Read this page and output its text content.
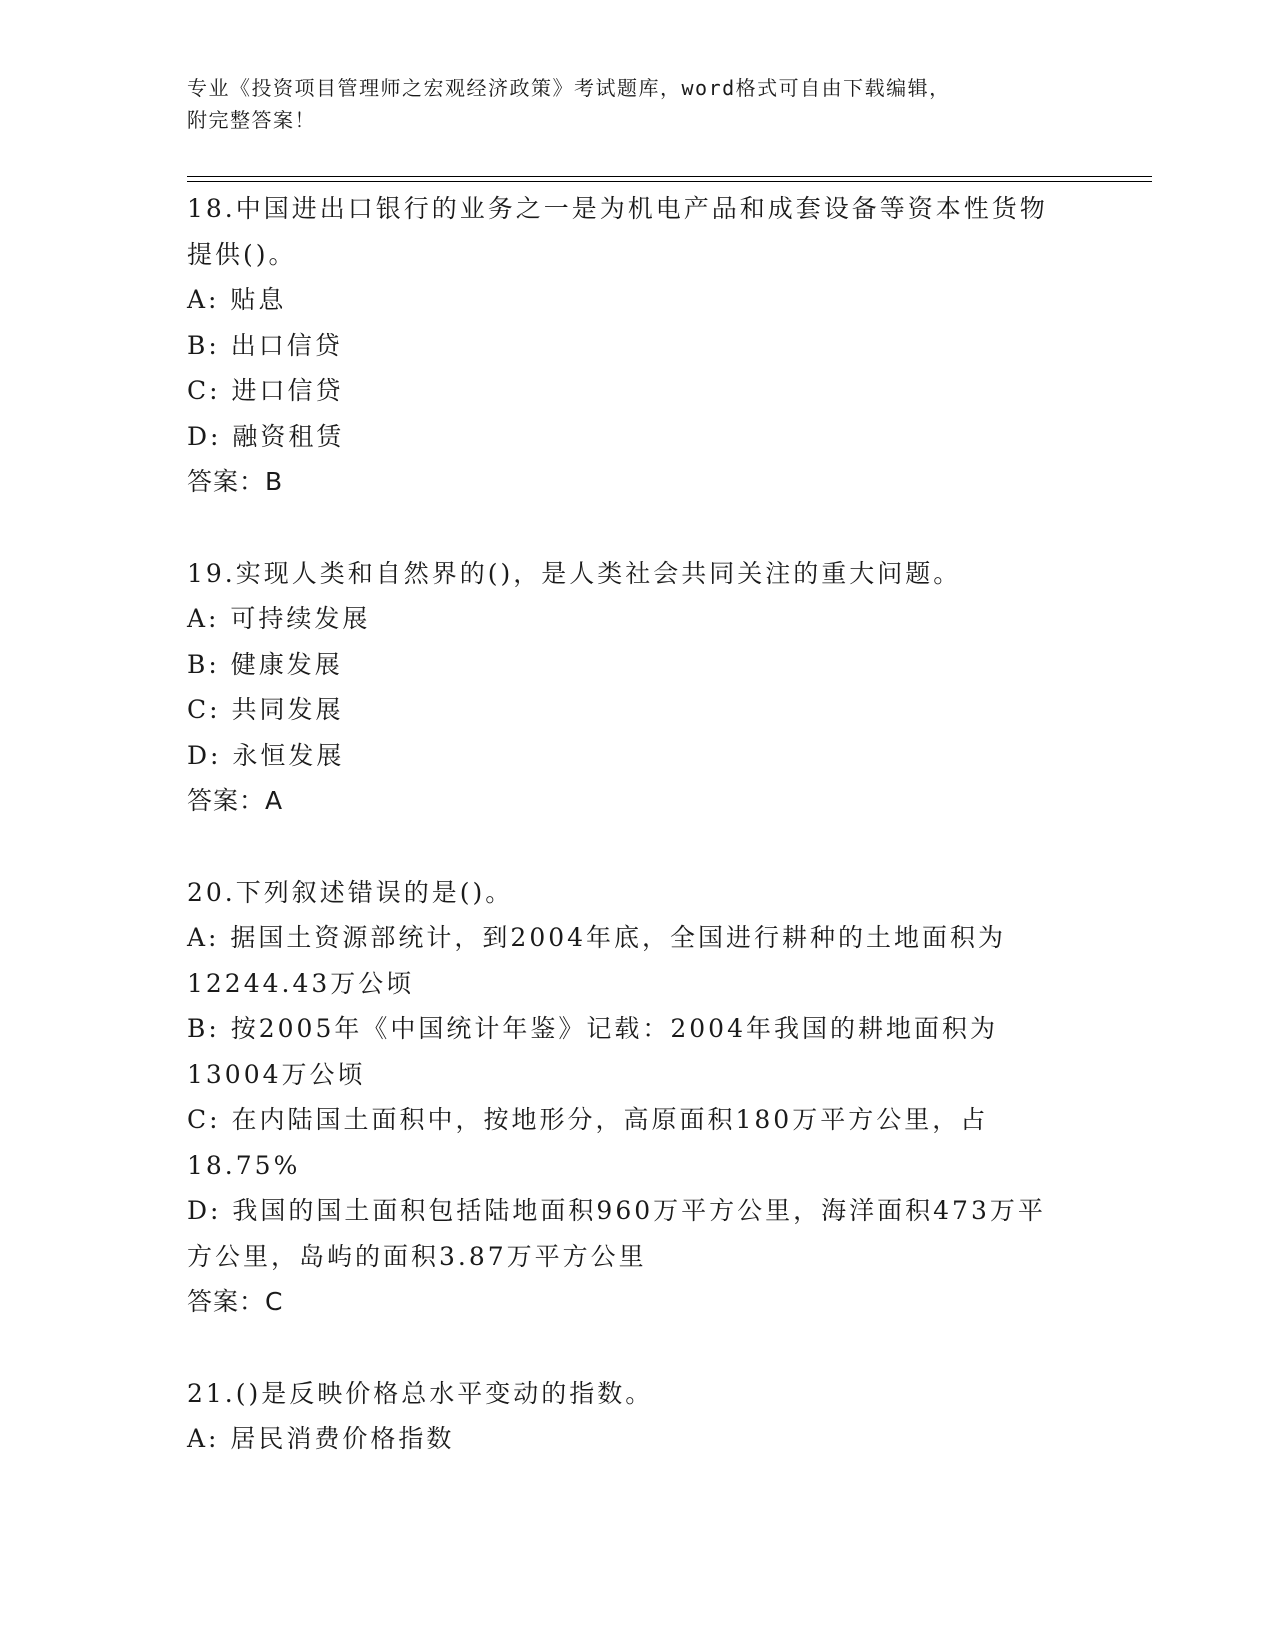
专业《投资项目管理师之宏观经济政策》考试题库，word格式可自由下载编辑，
附完整答案！
18.中国进出口银行的业务之一是为机电产品和成套设备等资本性货物
提供()。
A: 贴息
B: 出口信贷
C: 进口信贷
D: 融资租赁
答案：B
19.实现人类和自然界的()，是人类社会共同关注的重大问题。
A: 可持续发展
B: 健康发展
C: 共同发展
D: 永恒发展
答案：A
20.下列叙述错误的是()。
A: 据国土资源部统计，到2004年底，全国进行耕种的土地面积为
12244.43万公顷
B: 按2005年《中国统计年鉴》记载：2004年我国的耕地面积为
13004万公顷
C: 在内陆国土面积中，按地形分，高原面积180万平方公里，占
18.75%
D: 我国的国土面积包括陆地面积960万平方公里，海洋面积473万平
方公里，岛屿的面积3.87万平方公里
答案：C
21.()是反映价格总水平变动的指数。
A: 居民消费价格指数
